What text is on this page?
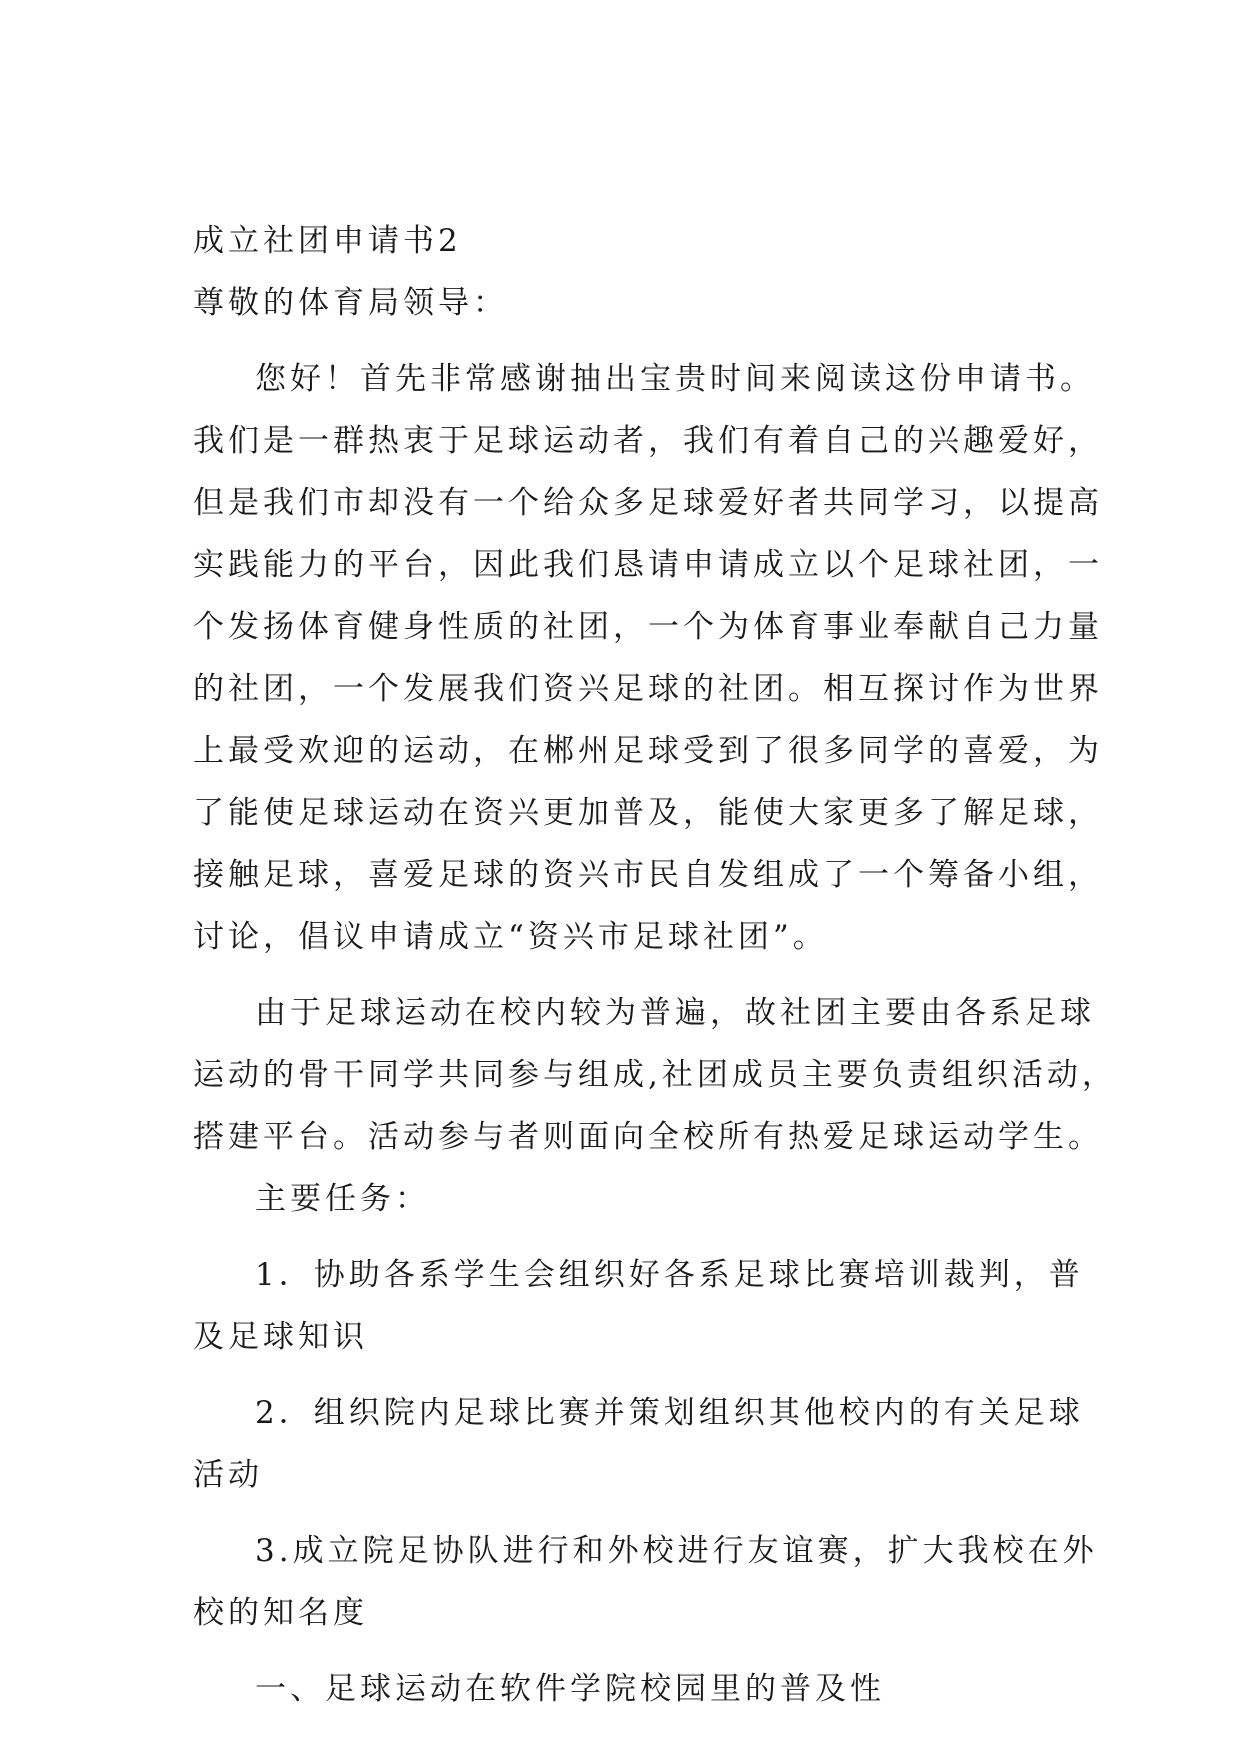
成立社团申请书2
尊敬的体育局领导：
您好！首先非常感谢抽出宝贵时间来阅读这份申请书。
我们是一群热衷于足球运动者，我们有着自己的兴趣爱好，
但是我们市却没有一个给众多足球爱好者共同学习，以提高
实践能力的平台，因此我们恳请申请成立以个足球社团，一
个发扬体育健身性质的社团，一个为体育事业奉献自己力量
的社团，一个发展我们资兴足球的社团。相互探讨作为世界
上最受欢迎的运动，在郴州足球受到了很多同学的喜爱，为
了能使足球运动在资兴更加普及，能使大家更多了解足球，
接触足球，喜爱足球的资兴市民自发组成了一个筹备小组，
讨论，倡议申请成立“资兴市足球社团”。
由于足球运动在校内较为普遍，故社团主要由各系足球
运动的骨干同学共同参与组成,社团成员主要负责组织活动，
搭建平台。活动参与者则面向全校所有热爱足球运动学生。
主要任务：
1．协助各系学生会组织好各系足球比赛培训裁判，普
及足球知识
2．组织院内足球比赛并策划组织其他校内的有关足球
活动
3.成立院足协队进行和外校进行友谊赛，扩大我校在外
校的知名度
一、足球运动在软件学院校园里的普及性
